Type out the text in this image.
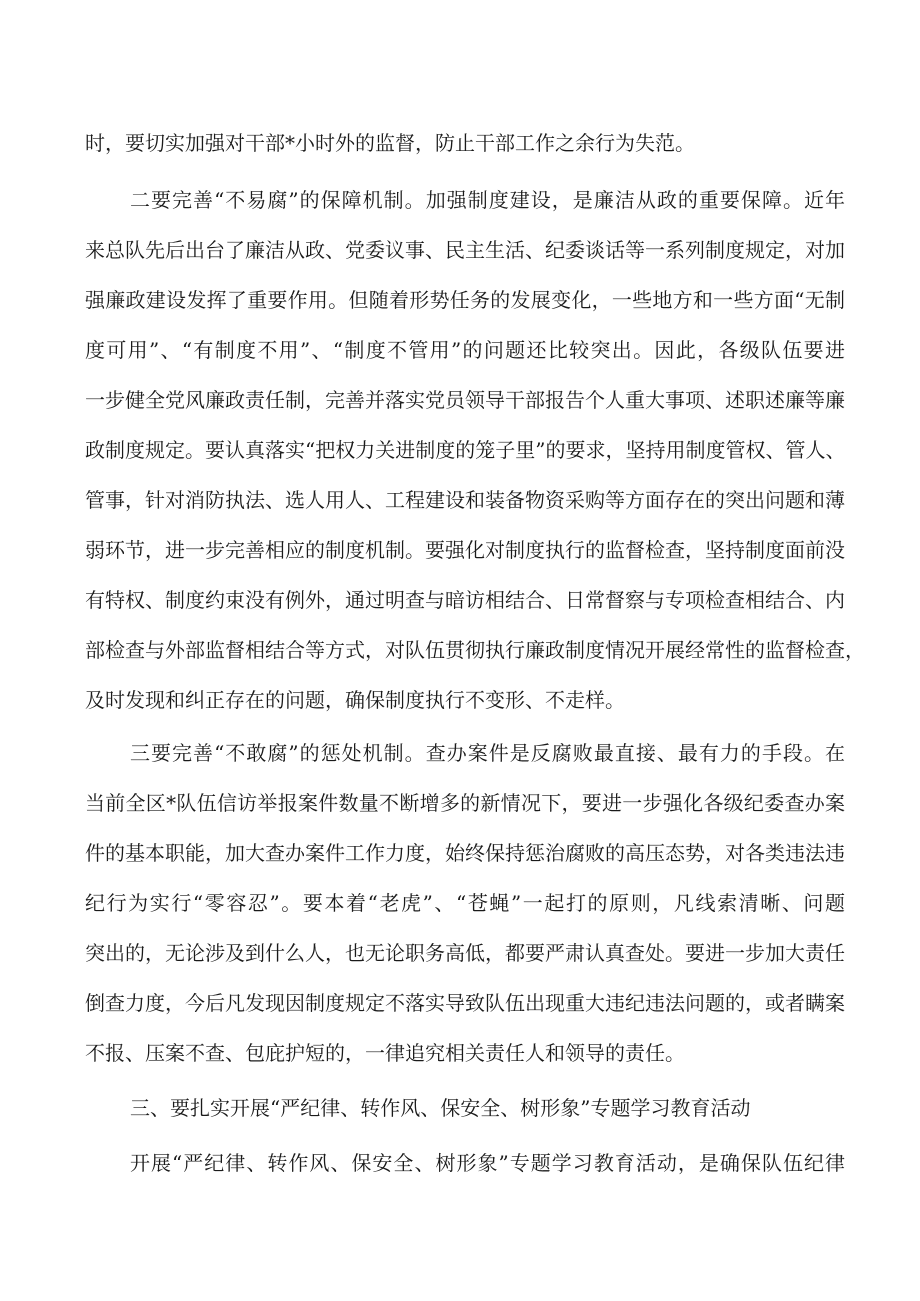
时，要切实加强对干部*小时外的监督，防止干部工作之余行为失范。
二要完善“不易腐”的保障机制。加强制度建设，是廉洁从政的重要保障。近年
来总队先后出台了廉洁从政、党委议事、民主生活、纪委谈话等一系列制度规定，对加
强廉政建设发挥了重要作用。但随着形势任务的发展变化，一些地方和一些方面“无制
度可用”、“有制度不用”、“制度不管用”的问题还比较突出。因此，各级队伍要进
一步健全党风廉政责任制，完善并落实党员领导干部报告个人重大事项、述职述廉等廉
政制度规定。要认真落实“把权力关进制度的笼子里”的要求，坚持用制度管权、管人、
管事，针对消防执法、选人用人、工程建设和装备物资采购等方面存在的突出问题和薄
弱环节，进一步完善相应的制度机制。要强化对制度执行的监督检查，坚持制度面前没
有特权、制度约束没有例外，通过明查与暗访相结合、日常督察与专项检查相结合、内
部检查与外部监督相结合等方式，对队伍贯彻执行廉政制度情况开展经常性的监督检查，
及时发现和纠正存在的问题，确保制度执行不变形、不走样。
三要完善“不敢腐”的惩处机制。查办案件是反腐败最直接、最有力的手段。在
当前全区*队伍信访举报案件数量不断增多的新情况下，要进一步强化各级纪委查办案
件的基本职能，加大查办案件工作力度，始终保持惩治腐败的高压态势，对各类违法违
纪行为实行“零容忍”。要本着“老虎”、“苍蝇”一起打的原则，凡线索清晰、问题
突出的，无论涉及到什么人，也无论职务高低，都要严肃认真查处。要进一步加大责任
倒查力度，今后凡发现因制度规定不落实导致队伍出现重大违纪违法问题的，或者瞒案
不报、压案不查、包庇护短的，一律追究相关责任人和领导的责任。
三、要扎实开展“严纪律、转作风、保安全、树形象”专题学习教育活动
开展“严纪律、转作风、保安全、树形象”专题学习教育活动，是确保队伍纪律
